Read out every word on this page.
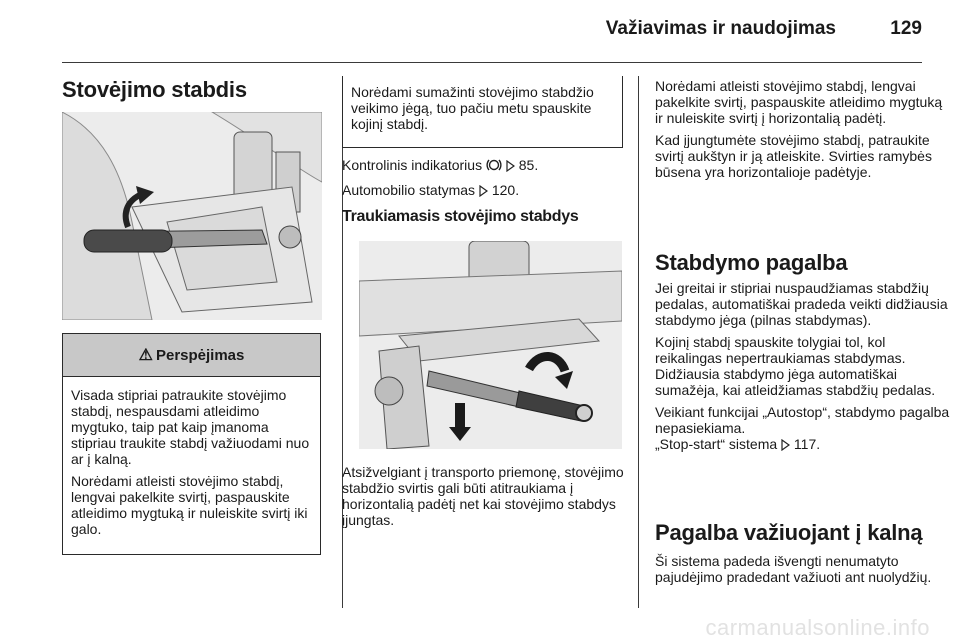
Važiavimas ir naudojimas	129
Stovėjimo stabdis
⚠ Perspėjimas

Visada stipriai patraukite stovėjimo stabdį, nespausdami atleidimo mygtuko, taip pat kaip įmanoma stipriau traukite stabdį važiuodami nuo ar į kalną.

Norėdami atleisti stovėjimo stabdį, lengvai pakelkite svirtį, paspauskite atleidimo mygtuką ir nuleiskite svirtį iki galo.

Norėdami sumažinti stovėjimo stabdžio veikimo jėgą, tuo pačiu metu spauskite kojinį stabdį.
Kontrolinis indikatorius	85.
Automobilio statymas 120.
Traukiamasis stovėjimo stabdys
Atsižvelgiant į transporto priemonę, stovėjimo stabdžio svirtis gali būti atitraukiama į horizontalią padėtį net kai stovėjimo stabdys įjungtas.

Norėdami atleisti stovėjimo stabdį, lengvai pakelkite svirtį, paspauskite atleidimo mygtuką ir nuleiskite svirtį į horizontalią padėtį.

Kad įjungtumėte stovėjimo stabdį, patraukite svirtį aukštyn ir ją atleiskite. Svirties ramybės būsena yra horizontalioje padėtyje.

Stabdymo pagalba

Jei greitai ir stipriai nuspaudžiamas stabdžių pedalas, automatiškai pradeda veikti didžiausia stabdymo jėga (pilnas stabdymas).

Kojinį stabdį spauskite tolygiai tol, kol reikalingas nepertraukiamas stabdymas. Didžiausia stabdymo jėga automatiškai sumažėja, kai atleidžiamas stabdžių pedalas.

Veikiant funkcijai „Autostop“, stabdymo pagalba nepasiekiama.

„Stop-start“ sistema 117.

Pagalba važiuojant į kalną
Ši sistema padeda išvengti nenumatyto pajudėjimo pradedant važiuoti ant nuolydžių.
carmanualsonline.info
